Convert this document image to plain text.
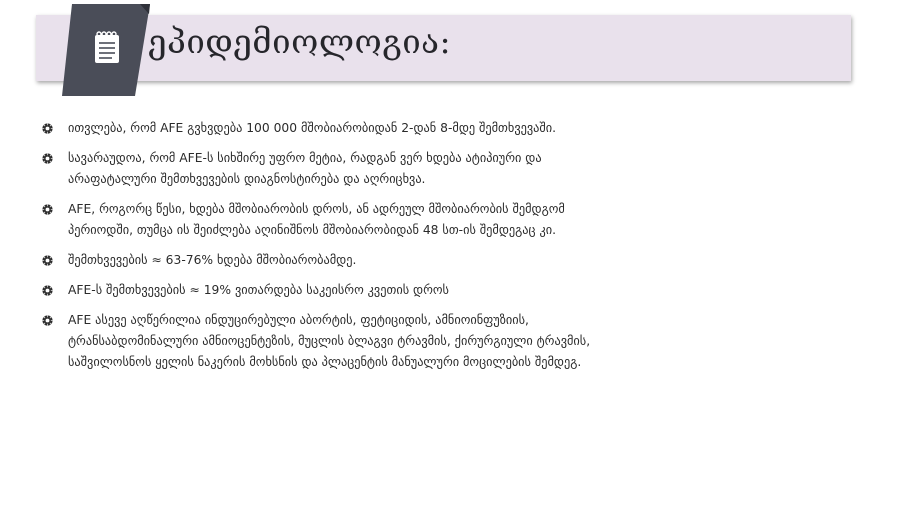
ეპიდემიოლოგია:
ითვლება, რომ AFE გვხვდება 100 000 მშობიარობიდან 2-დან 8-მდე შემთხვევაში.
სავარაუდოა, რომ AFE-ს სიხშირე უფრო მეტია, რადგან ვერ ხდება ატიპიური და არაფატალური შემთხვევების დიაგნოსტირება და აღრიცხვა.
AFE, როგორც წესი, ხდება მშობიარობის დროს, ან ადრეულ მშობიარობის შემდგომ პერიოდში, თუმცა ის შეიძლება აღინიშნოს მშობიარობიდან 48 სთ-ის შემდეგაც კი.
შემთხვევების ≈ 63-76% ხდება მშობიარობამდე.
AFE-ს შემთხვევების ≈ 19% ვითარდება საკეისრო კვეთის დროს
AFE ასევე აღწერილია ინდუცირებული აბორტის, ფეტიციდის, ამნიოინფუზიის, ტრანსაბდომინალური ამნიოცენტეზის, მუცლის ბლაგვი ტრავმის, ქირურგიული ტრავმის, საშვილოსნოს ყელის ნაკერის მოხსნის და პლაცენტის მანუალური მოცილების შემდეგ.
